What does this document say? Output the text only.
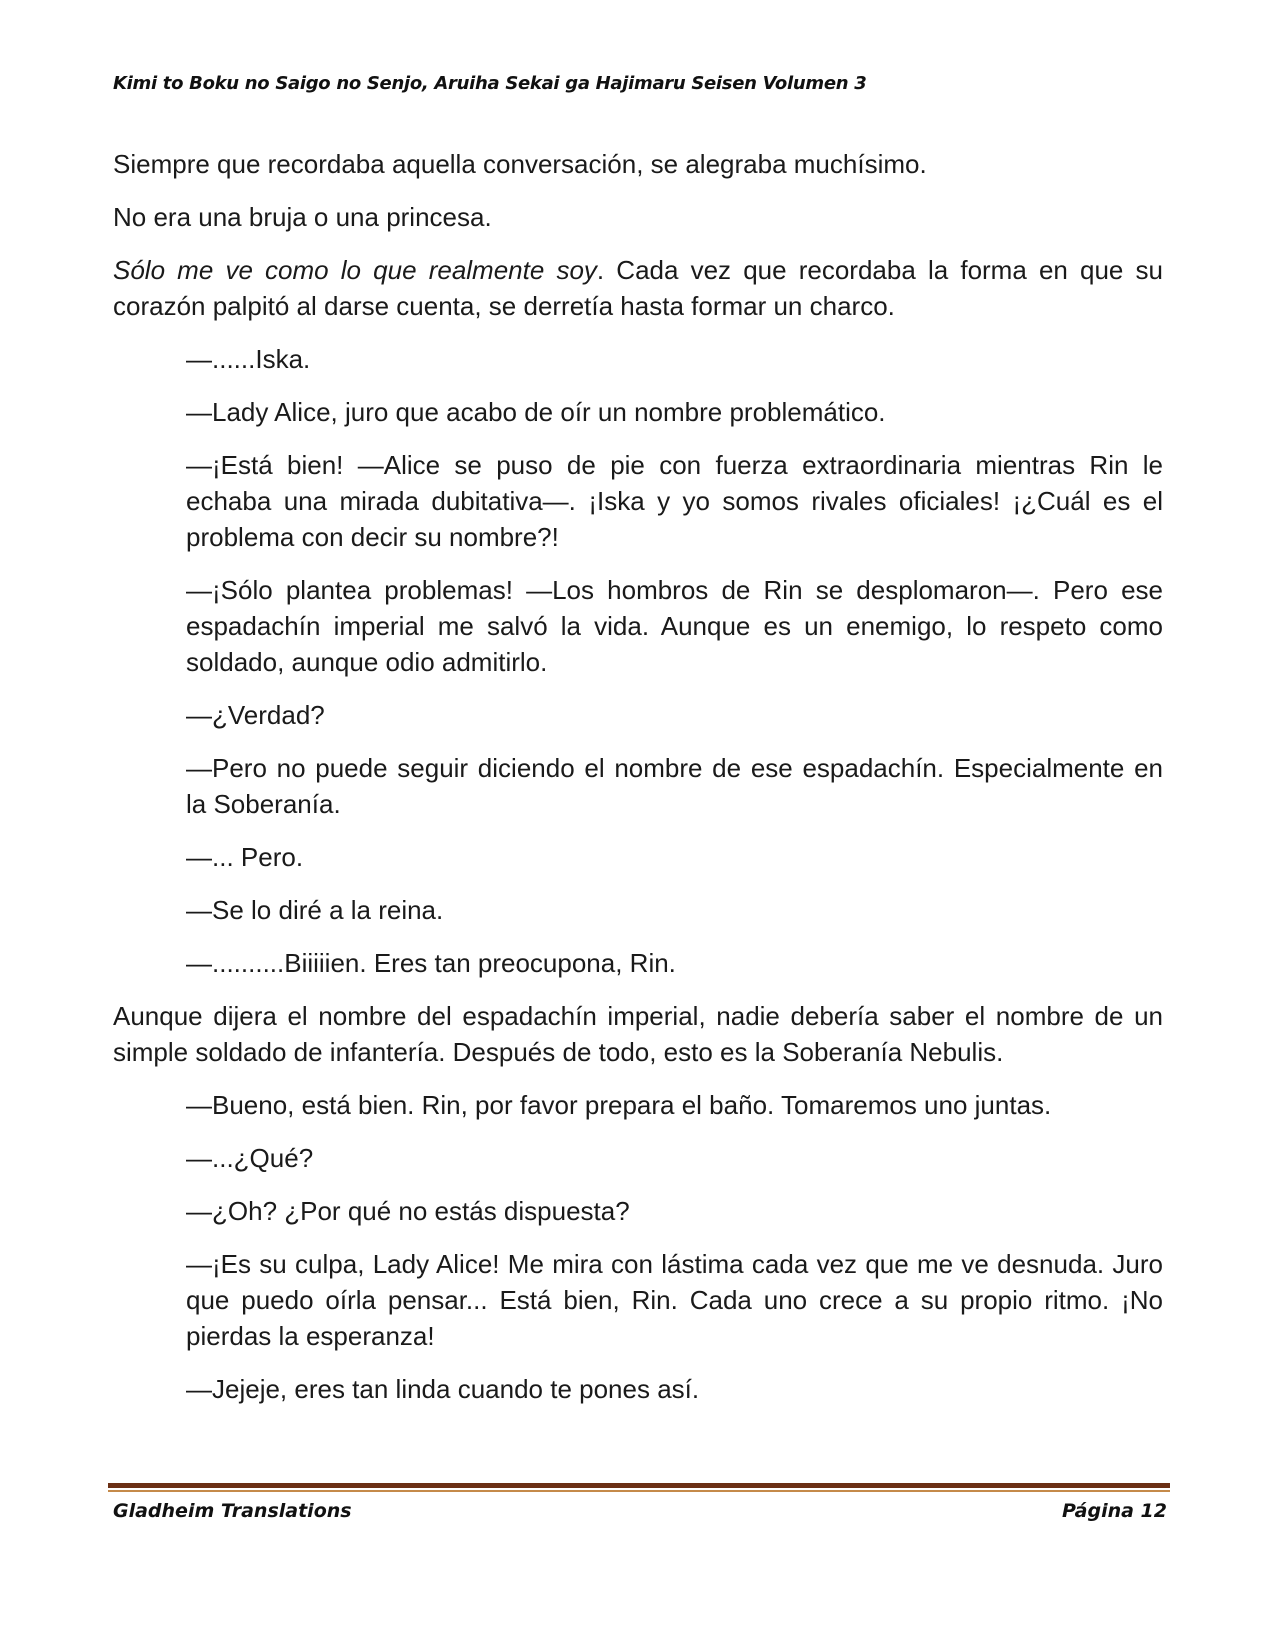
Kimi to Boku no Saigo no Senjo, Aruiha Sekai ga Hajimaru Seisen Volumen 3

Siempre que recordaba aquella conversación, se alegraba muchísimo.

No era una bruja o una princesa.

Sólo me ve como lo que realmente soy. Cada vez que recordaba la forma en que su corazón palpitó al darse cuenta, se derretía hasta formar un charco.

—......Iska.

—Lady Alice, juro que acabo de oír un nombre problemático.

—¡Está bien! —Alice se puso de pie con fuerza extraordinaria mientras Rin le echaba una mirada dubitativa—. ¡Iska y yo somos rivales oficiales! ¡¿Cuál es el problema con decir su nombre?!

—¡Sólo plantea problemas! —Los hombros de Rin se desplomaron—. Pero ese espadachín imperial me salvó la vida. Aunque es un enemigo, lo respeto como soldado, aunque odio admitirlo.

—¿Verdad?

—Pero no puede seguir diciendo el nombre de ese espadachín. Especialmente en la Soberanía.

—... Pero.

—Se lo diré a la reina.

—..........Biiiiien. Eres tan preocupona, Rin.

Aunque dijera el nombre del espadachín imperial, nadie debería saber el nombre de un simple soldado de infantería. Después de todo, esto es la Soberanía Nebulis.

—Bueno, está bien. Rin, por favor prepara el baño. Tomaremos uno juntas.

—...¿Qué?

—¿Oh? ¿Por qué no estás dispuesta?

—¡Es su culpa, Lady Alice! Me mira con lástima cada vez que me ve desnuda. Juro que puedo oírla pensar... Está bien, Rin. Cada uno crece a su propio ritmo. ¡No pierdas la esperanza!

—Jejeje, eres tan linda cuando te pones así.

Gladheim Translations	Página 12
